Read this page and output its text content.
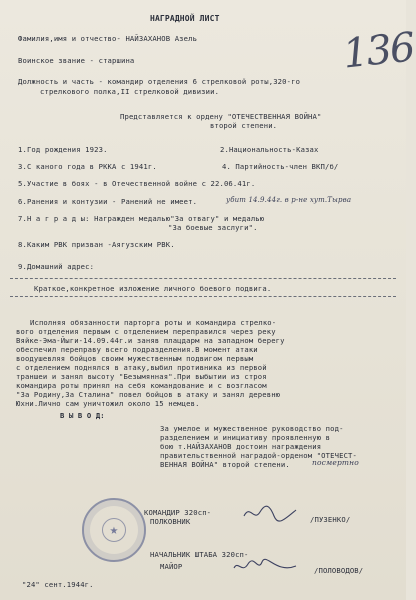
НАГРАДНОЙ ЛИСТ
136
Фамилия,имя и отчество- НАЙЗАХАНОВ Азель
Воинское звание - старшина
Должность и часть - командир отделения 6 стрелковой роты,320-го
стрелкового полка,II стрелковой дивизии.
Представляется к ордену "ОТЕЧЕСТВЕННАЯ ВОЙНА"
второй степени.
1.Год рождения 1923.	2.Национальность-Казах
3.С каного года в РККА с 1941г.	4. Партийность-член ВКП/б/
5.Участие в боях - в Отечественной войне с 22.06.41г.
6.Ранения и контузии - Ранений не имеет.	убит 14.9.44г. в р-не хут.Тырва
7.Н а г р а д ы: Награжден медалью"За отвагу" и медалью
"За боевые заслуги".
8.Каким РВК призван -Аягузским РВК.
9.Домашний адрес:
Краткое,конкретное изложение личного боевого подвига.
Исполняя обязанности парторга роты и командира стрелко-
вого отделения первым с отделением переправился через реку
Вяйке-Эма-Йыги-14.09.44г.и заняв плацдарм на западном берегу
обеспечил переправу всего подразделения.В момент атаки
воодушевляя бойцов своим мужественным подвигом первым
с отделением поднялся в атаку,выбил противника из первой
траншеи и занял высоту "Безымянная".При выбытии из строя
командира роты принял на себя командование и с возгласом
"За Родину,За Сталина" повел бойцов в атаку и занял деревню
Юхни.Лично сам уничтожил около 15 немцев.
В Ы В О Д:
За умелое и мужественное руководство под-
разделением и инициативу проявленную в
бою т.НАЙЗАХАНОВ достоин награждения
правительственной наградой-орденом "ОТЕЧЕСТ-
ВЕННАЯ ВОЙНА" второй степени.	посмертно
★
КОМАНДИР 320сп-
ПОЛКОВНИК	/ПУЗЕНКО/
НАЧАЛЬНИК ШТАБА 320сп-
МАЙОР	/ПОЛОВОДОВ/
"24" сент.1944г.
